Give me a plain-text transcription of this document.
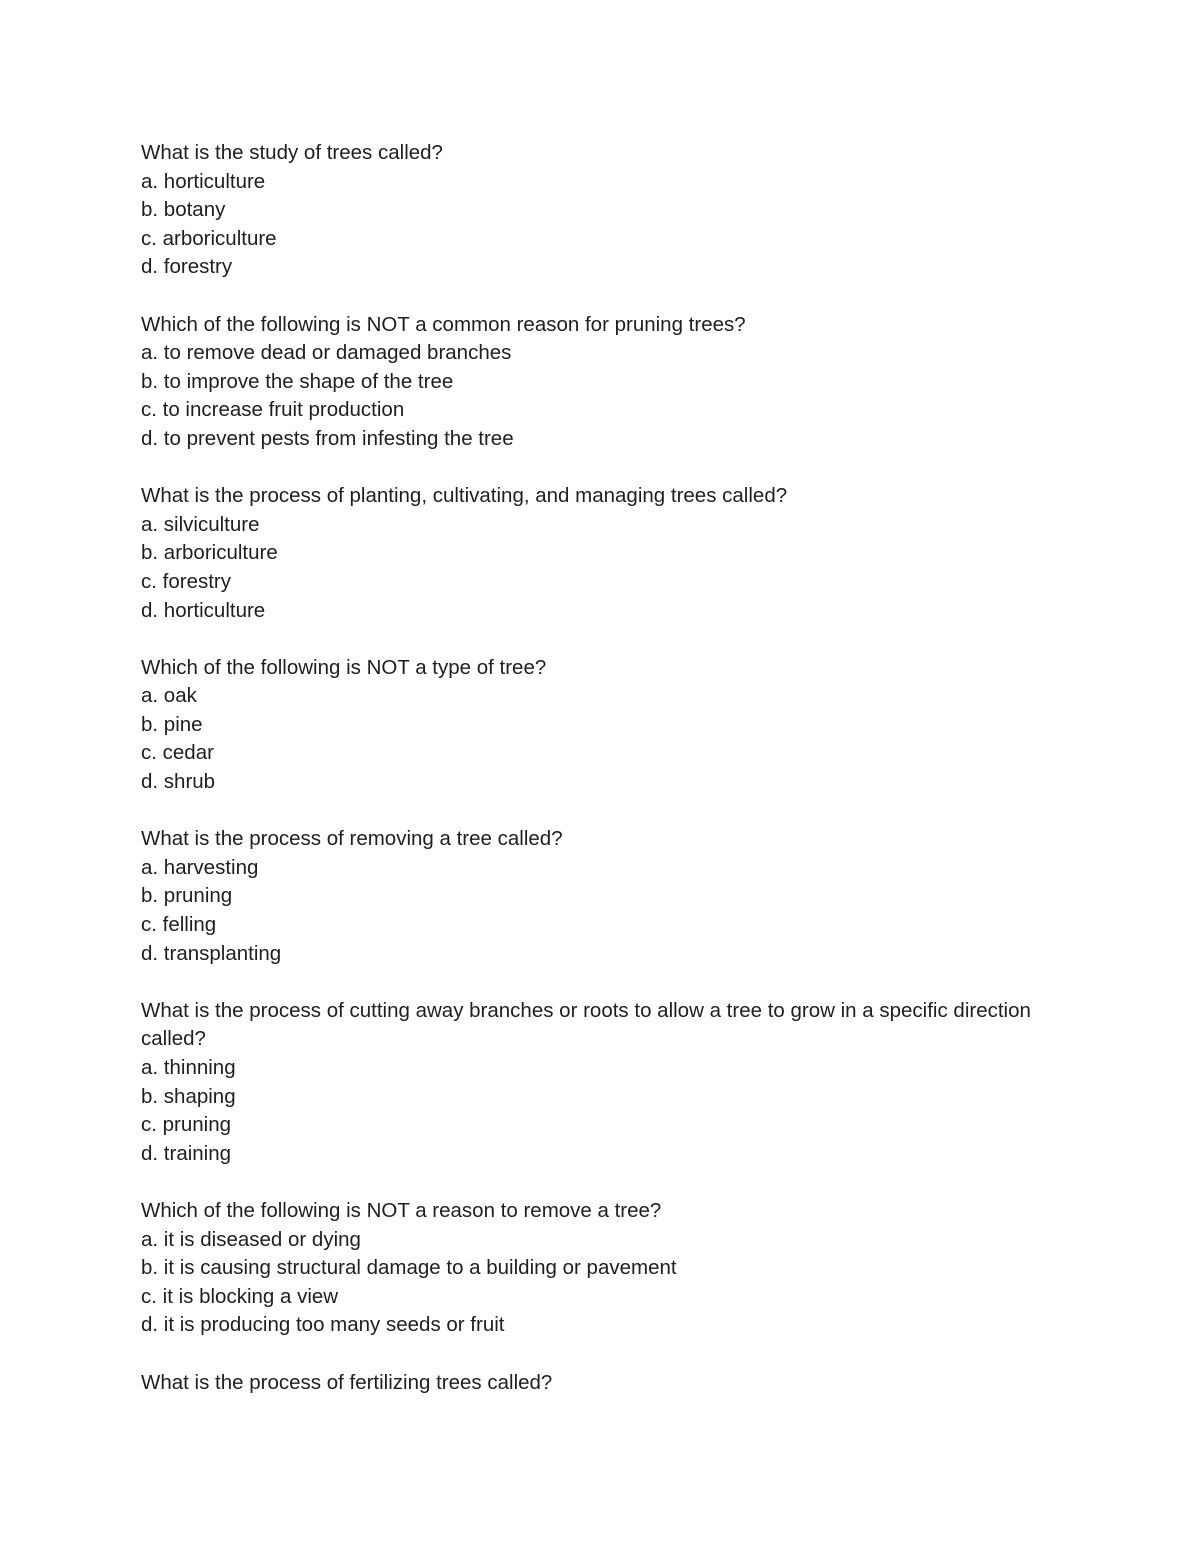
What is the study of trees called?
a. horticulture
b. botany
c. arboriculture
d. forestry
Which of the following is NOT a common reason for pruning trees?
a. to remove dead or damaged branches
b. to improve the shape of the tree
c. to increase fruit production
d. to prevent pests from infesting the tree
What is the process of planting, cultivating, and managing trees called?
a. silviculture
b. arboriculture
c. forestry
d. horticulture
Which of the following is NOT a type of tree?
a. oak
b. pine
c. cedar
d. shrub
What is the process of removing a tree called?
a. harvesting
b. pruning
c. felling
d. transplanting
What is the process of cutting away branches or roots to allow a tree to grow in a specific direction called?
a. thinning
b. shaping
c. pruning
d. training
Which of the following is NOT a reason to remove a tree?
a. it is diseased or dying
b. it is causing structural damage to a building or pavement
c. it is blocking a view
d. it is producing too many seeds or fruit
What is the process of fertilizing trees called?
